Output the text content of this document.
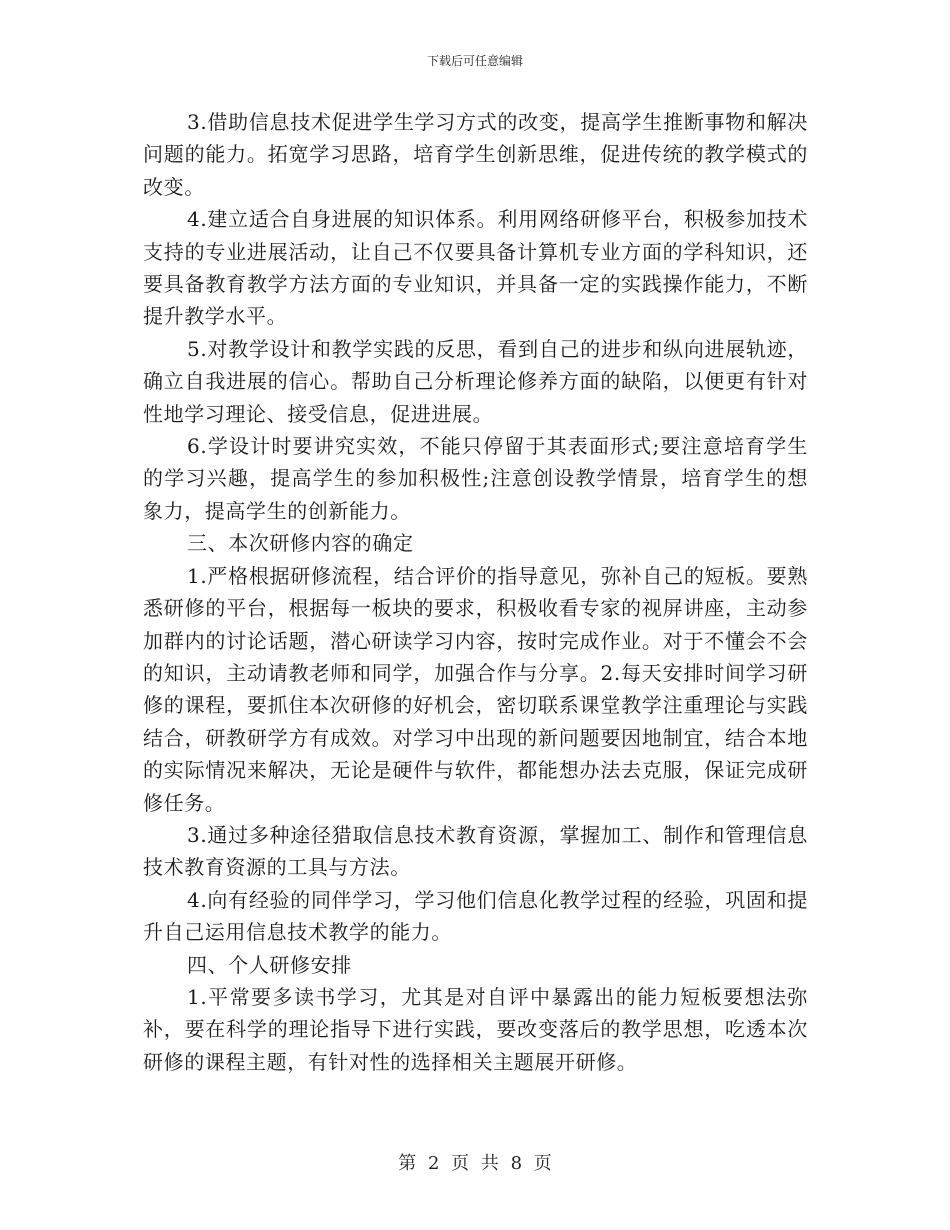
下载后可任意编辑

3.借助信息技术促进学生学习方式的改变，提高学生推断事物和解决问题的能力。拓宽学习思路，培育学生创新思维，促进传统的教学模式的改变。

4.建立适合自身进展的知识体系。利用网络研修平台，积极参加技术支持的专业进展活动，让自己不仅要具备计算机专业方面的学科知识，还要具备教育教学方法方面的专业知识，并具备一定的实践操作能力，不断提升教学水平。

5.对教学设计和教学实践的反思，看到自己的进步和纵向进展轨迹，确立自我进展的信心。帮助自己分析理论修养方面的缺陷，以便更有针对性地学习理论、接受信息，促进进展。

6.学设计时要讲究实效，不能只停留于其表面形式;要注意培育学生的学习兴趣，提高学生的参加积极性;注意创设教学情景，培育学生的想象力，提高学生的创新能力。

三、本次研修内容的确定

1.严格根据研修流程，结合评价的指导意见，弥补自己的短板。要熟悉研修的平台，根据每一板块的要求，积极收看专家的视屏讲座，主动参加群内的讨论话题，潜心研读学习内容，按时完成作业。对于不懂会不会的知识，主动请教老师和同学，加强合作与分享。2.每天安排时间学习研修的课程，要抓住本次研修的好机会，密切联系课堂教学注重理论与实践结合，研教研学方有成效。对学习中出现的新问题要因地制宜，结合本地的实际情况来解决，无论是硬件与软件，都能想办法去克服，保证完成研修任务。

3.通过多种途径猎取信息技术教育资源，掌握加工、制作和管理信息技术教育资源的工具与方法。

4.向有经验的同伴学习，学习他们信息化教学过程的经验，巩固和提升自己运用信息技术教学的能力。

四、个人研修安排

1.平常要多读书学习，尤其是对自评中暴露出的能力短板要想法弥补，要在科学的理论指导下进行实践，要改变落后的教学思想，吃透本次研修的课程主题，有针对性的选择相关主题展开研修。

第 2 页 共 8 页
